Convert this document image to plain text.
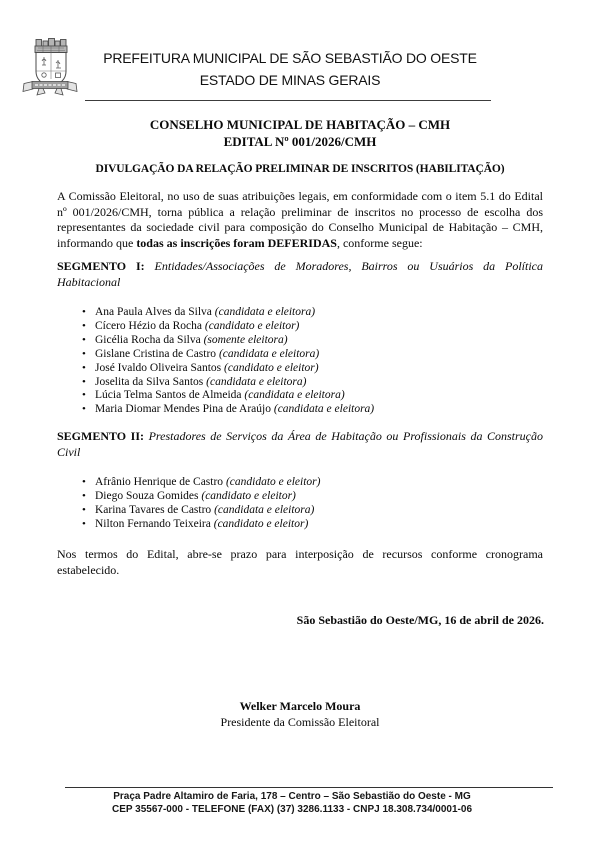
PREFEITURA MUNICIPAL DE SÃO SEBASTIÃO DO OESTE
ESTADO DE MINAS GERAIS
CONSELHO MUNICIPAL DE HABITAÇÃO – CMH
EDITAL Nº 001/2026/CMH
DIVULGAÇÃO DA RELAÇÃO PRELIMINAR DE INSCRITOS (HABILITAÇÃO)

A Comissão Eleitoral, no uso de suas atribuições legais, em conformidade com o item 5.1 do Edital nº 001/2026/CMH, torna pública a relação preliminar de inscritos no processo de escolha dos representantes da sociedade civil para composição do Conselho Municipal de Habitação – CMH, informando que todas as inscrições foram DEFERIDAS, conforme segue:

SEGMENTO I: Entidades/Associações de Moradores, Bairros ou Usuários da Política Habitacional

• Ana Paula Alves da Silva (candidata e eleitora)
• Cícero Hézio da Rocha (candidato e eleitor)
• Gicélia Rocha da Silva (somente eleitora)
• Gislane Cristina de Castro (candidata e eleitora)
• José Ivaldo Oliveira Santos (candidato e eleitor)
• Joselita da Silva Santos (candidata e eleitora)
• Lúcia Telma Santos de Almeida (candidata e eleitora)
• Maria Diomar Mendes Pina de Araújo (candidata e eleitora)

SEGMENTO II: Prestadores de Serviços da Área de Habitação ou Profissionais da Construção Civil

• Afrânio Henrique de Castro (candidato e eleitor)
• Diego Souza Gomides (candidato e eleitor)
• Karina Tavares de Castro (candidata e eleitora)
• Nilton Fernando Teixeira (candidato e eleitor)

Nos termos do Edital, abre-se prazo para interposição de recursos conforme cronograma estabelecido.

São Sebastião do Oeste/MG, 16 de abril de 2026.

Welker Marcelo Moura
Presidente da Comissão Eleitoral
Praça Padre Altamiro de Faria, 178 – Centro – São Sebastião do Oeste - MG
CEP 35567-000 - TELEFONE (FAX) (37) 3286.1133 - CNPJ 18.308.734/0001-06
